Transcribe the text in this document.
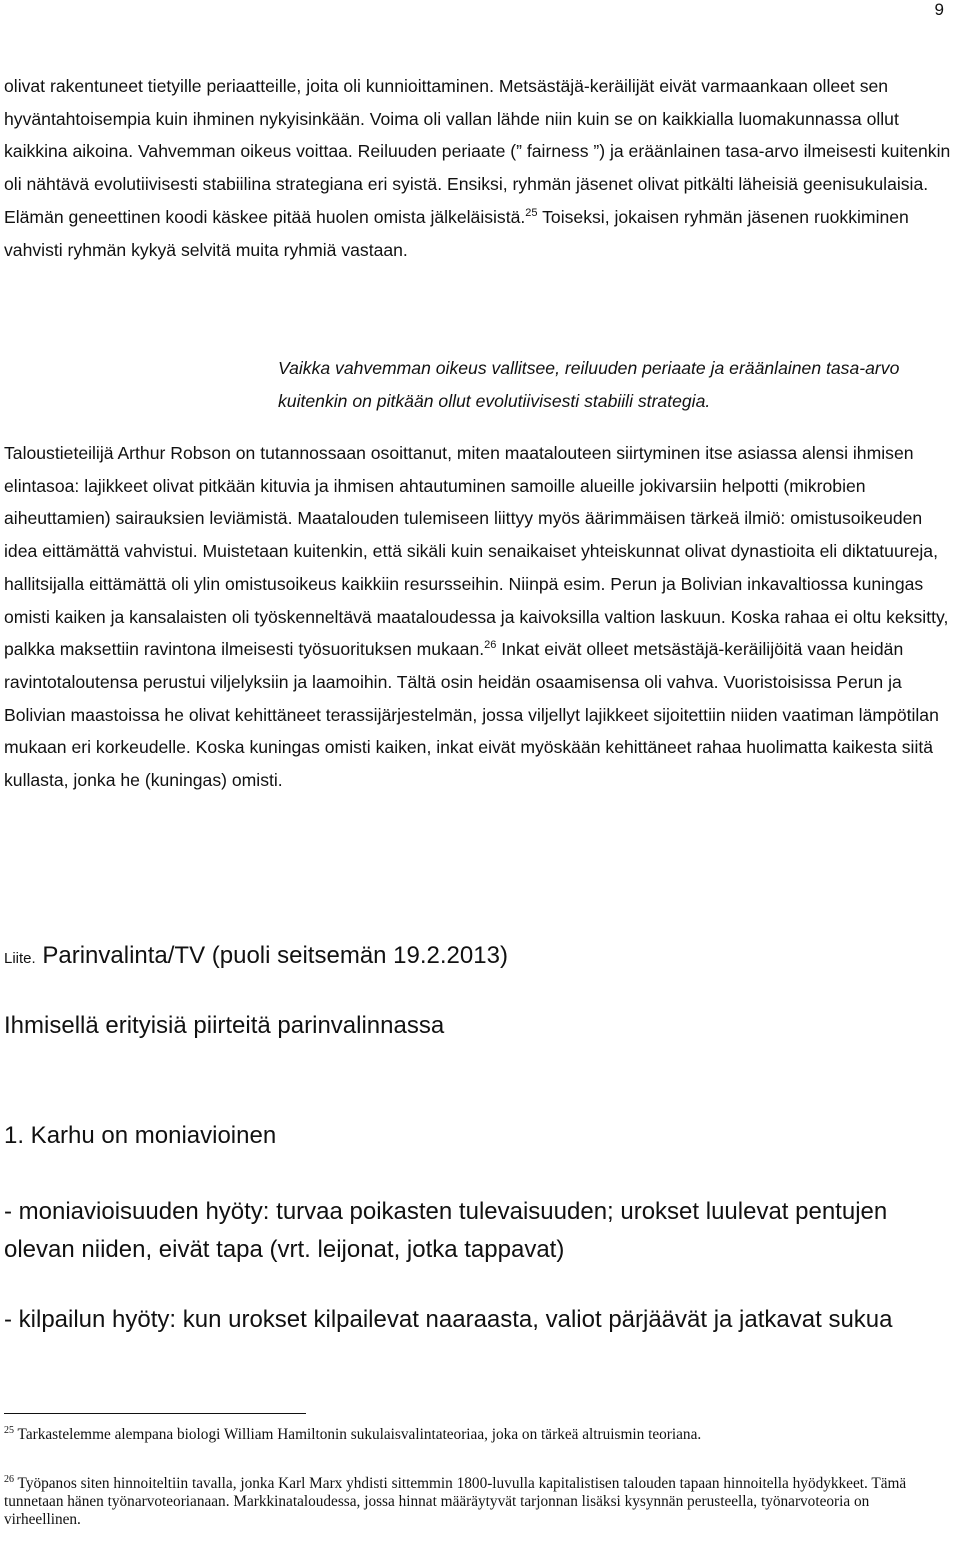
9

olivat rakentuneet tietyille periaatteille, joita oli kunnioittaminen. Metsästäjä-keräilijät eivät varmaankaan olleet sen hyväntahtoisempia kuin ihminen nykyisinkään. Voima oli vallan lähde niin kuin se on kaikkialla luomakunnassa ollut kaikkina aikoina. Vahvemman oikeus voittaa. Reiluuden periaate (” fairness ”) ja eräänlainen tasa-arvo ilmeisesti kuitenkin oli nähtävä evolutiivisesti stabiilina strategiana eri syistä. Ensiksi, ryhmän jäsenet olivat pitkälti läheisiä geenisukulaisia. Elämän geneettinen koodi käskee pitää huolen omista jälkeläisistä.$^{25}$ Toiseksi, jokaisen ryhmän jäsenen ruokkiminen vahvisti ryhmän kykyä selvitä muita ryhmiä vastaan.

Vaikka vahvemman oikeus vallitsee, reiluuden periaate ja eräänlainen tasa-arvo kuitenkin on pitkään ollut evolutiivisesti stabiili strategia.

Taloustieteilijä Arthur Robson on tutannossaan osoittanut, miten maatalouteen siirtyminen itse asiassa alensi ihmisen elintasoa: lajikkeet olivat pitkään kituvia ja ihmisen ahtautuminen samoille alueille jokivarsiin helpotti (mikrobien aiheuttamien) sairauksien leviämistä. Maatalouden tulemiseen liittyy myös äärimmäisen tärkeä ilmiö: omistusoikeuden idea eittämättä vahvistui. Muistetaan kuitenkin, että sikäli kuin senaikaiset yhteiskunnat olivat dynastioita eli diktatuureja, hallitsijalla eittämättä oli ylin omistusoikeus kaikkiin resursseihin. Niinpä esim. Perun ja Bolivian inkavaltiossa kuningas omisti kaiken ja kansalaisten oli työskenneltävä maataloudessa ja kaivoksilla valtion laskuun. Koska rahaa ei oltu keksitty, palkka maksettiin ravintona ilmeisesti työsuorituksen mukaan.$^{26}$ Inkat eivät olleet metsästäjä-keräilijöitä vaan heidän ravintotaloutensa perustui viljelyksiin ja laamoihin. Tältä osin heidän osaamisensa oli vahva. Vuoristoisissa Perun ja Bolivian maastoissa he olivat kehittäneet terassijärjestelmän, jossa viljellyt lajikkeet sijoitettiin niiden vaatiman lämpötilan mukaan eri korkeudelle. Koska kuningas omisti kaiken, inkat eivät myöskään kehittäneet rahaa huolimatta kaikesta siitä kullasta, jonka he (kuningas) omisti.

Liite. Parinvalinta/TV (puoli seitsemän 19.2.2013)
Ihmisellä erityisiä piirteitä parinvalinnassa
1. Karhu on moniavioinen

- moniavioisuuden hyöty: turvaa poikasten tulevaisuuden; urokset luulevat pentujen olevan niiden, eivät tapa (vrt. leijonat, jotka tappavat)

- kilpailun hyöty: kun urokset kilpailevat naaraasta, valiot pärjäävät ja jatkavat sukua

$^{25}$ Tarkastelemme alempana biologi William Hamiltonin sukulaisvalintateoriaa, joka on tärkeä altruismin teoriana.

$^{26}$ Työpanos siten hinnoiteltiin tavalla, jonka Karl Marx yhdisti sittemmin 1800-luvulla kapitalistisen talouden tapaan hinnoitella hyödykkeet. Tämä tunnetaan hänen työnarvoteorianaan. Markkinataloudessa, jossa hinnat määräytyvät tarjonnan lisäksi kysynnän perusteella, työnarvoteoria on virheellinen.
